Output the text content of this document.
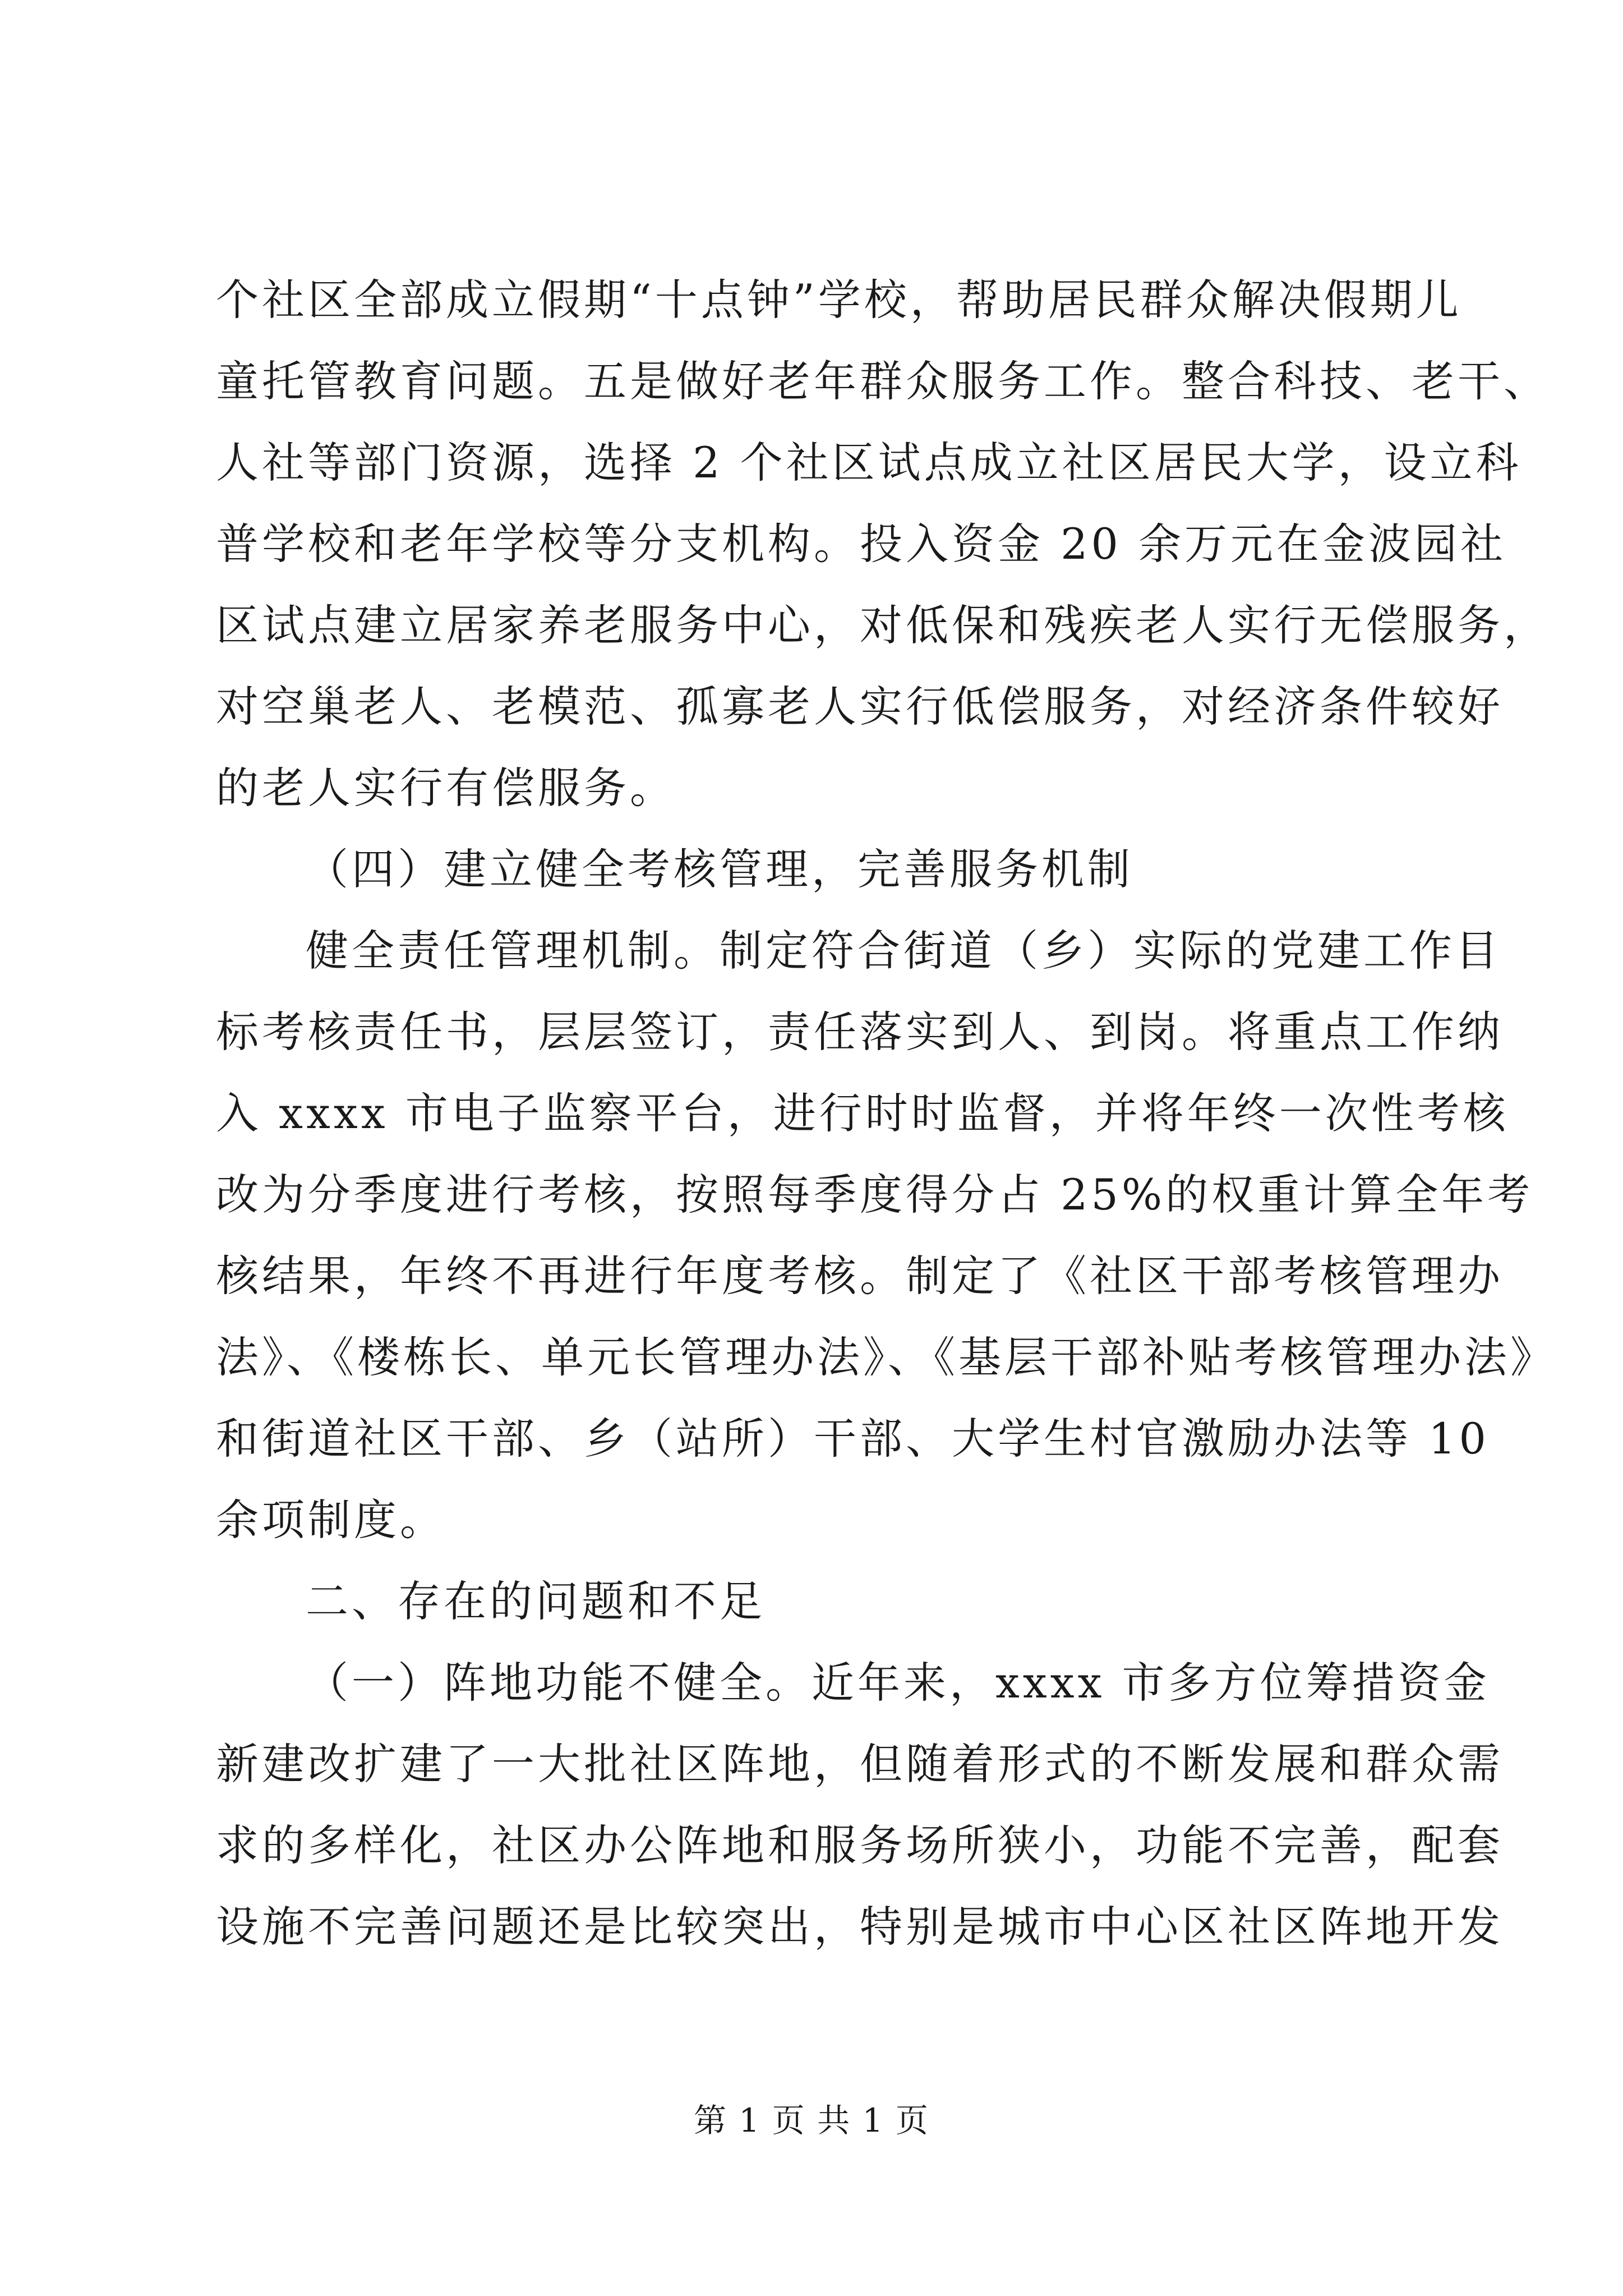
个社区全部成立假期“十点钟”学校，帮助居民群众解决假期儿
童托管教育问题。五是做好老年群众服务工作。整合科技、老干、
人社等部门资源，选择 2 个社区试点成立社区居民大学，设立科
普学校和老年学校等分支机构。投入资金 20 余万元在金波园社
区试点建立居家养老服务中心，对低保和残疾老人实行无偿服务，
对空巢老人、老模范、孤寡老人实行低偿服务，对经济条件较好
的老人实行有偿服务。
（四）建立健全考核管理，完善服务机制
健全责任管理机制。制定符合街道（乡）实际的党建工作目
标考核责任书，层层签订，责任落实到人、到岗。将重点工作纳
入 xxxx 市电子监察平台，进行时时监督，并将年终一次性考核
改为分季度进行考核，按照每季度得分占 25%的权重计算全年考
核结果，年终不再进行年度考核。制定了《社区干部考核管理办
法》、《楼栋长、单元长管理办法》、《基层干部补贴考核管理办法》
和街道社区干部、乡（站所）干部、大学生村官激励办法等 10
余项制度。
二、存在的问题和不足
（一）阵地功能不健全。近年来，xxxx 市多方位筹措资金
新建改扩建了一大批社区阵地，但随着形式的不断发展和群众需
求的多样化，社区办公阵地和服务场所狭小，功能不完善，配套
设施不完善问题还是比较突出，特别是城市中心区社区阵地开发
第 1 页 共 1 页
